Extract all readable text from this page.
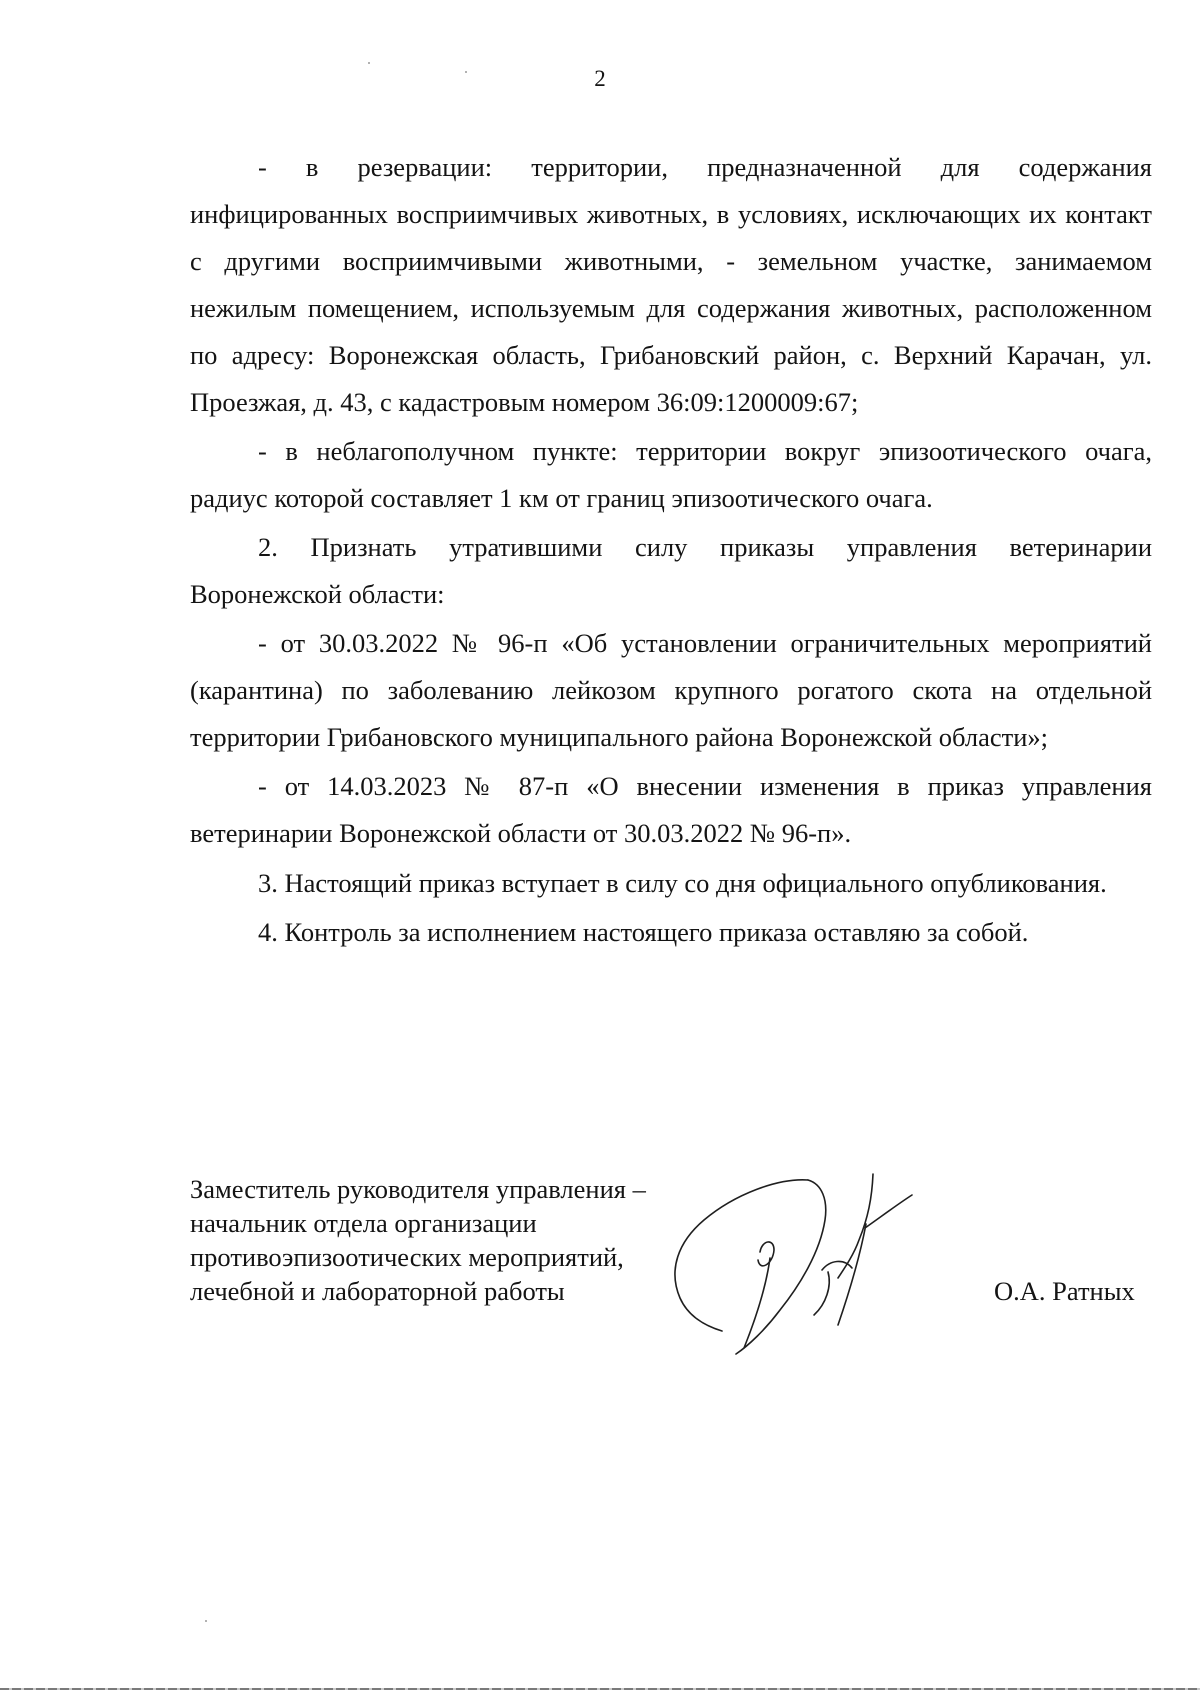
2

- в резервации: территории, предназначенной для содержания инфицированных восприимчивых животных, в условиях, исключающих их контакт с другими восприимчивыми животными, - земельном участке, занимаемом нежилым помещением, используемым для содержания животных, расположенном по адресу: Воронежская область, Грибановский район, с. Верхний Карачан, ул. Проезжая, д. 43, с кадастровым номером 36:09:1200009:67;

- в неблагополучном пункте: территории вокруг эпизоотического очага, радиус которой составляет 1 км от границ эпизоотического очага.

2. Признать утратившими силу приказы управления ветеринарии Воронежской области:

- от 30.03.2022 № 96-п «Об установлении ограничительных мероприятий (карантина) по заболеванию лейкозом крупного рогатого скота на отдельной территории Грибановского муниципального района Воронежской области»;

- от 14.03.2023 № 87-п «О внесении изменения в приказ управления ветеринарии Воронежской области от 30.03.2022 № 96-п».

3. Настоящий приказ вступает в силу со дня официального опубликования.

4. Контроль за исполнением настоящего приказа оставляю за собой.

Заместитель руководителя управления –
начальник отдела организации
противоэпизоотических мероприятий,
лечебной и лабораторной работы	О.А. Ратных
